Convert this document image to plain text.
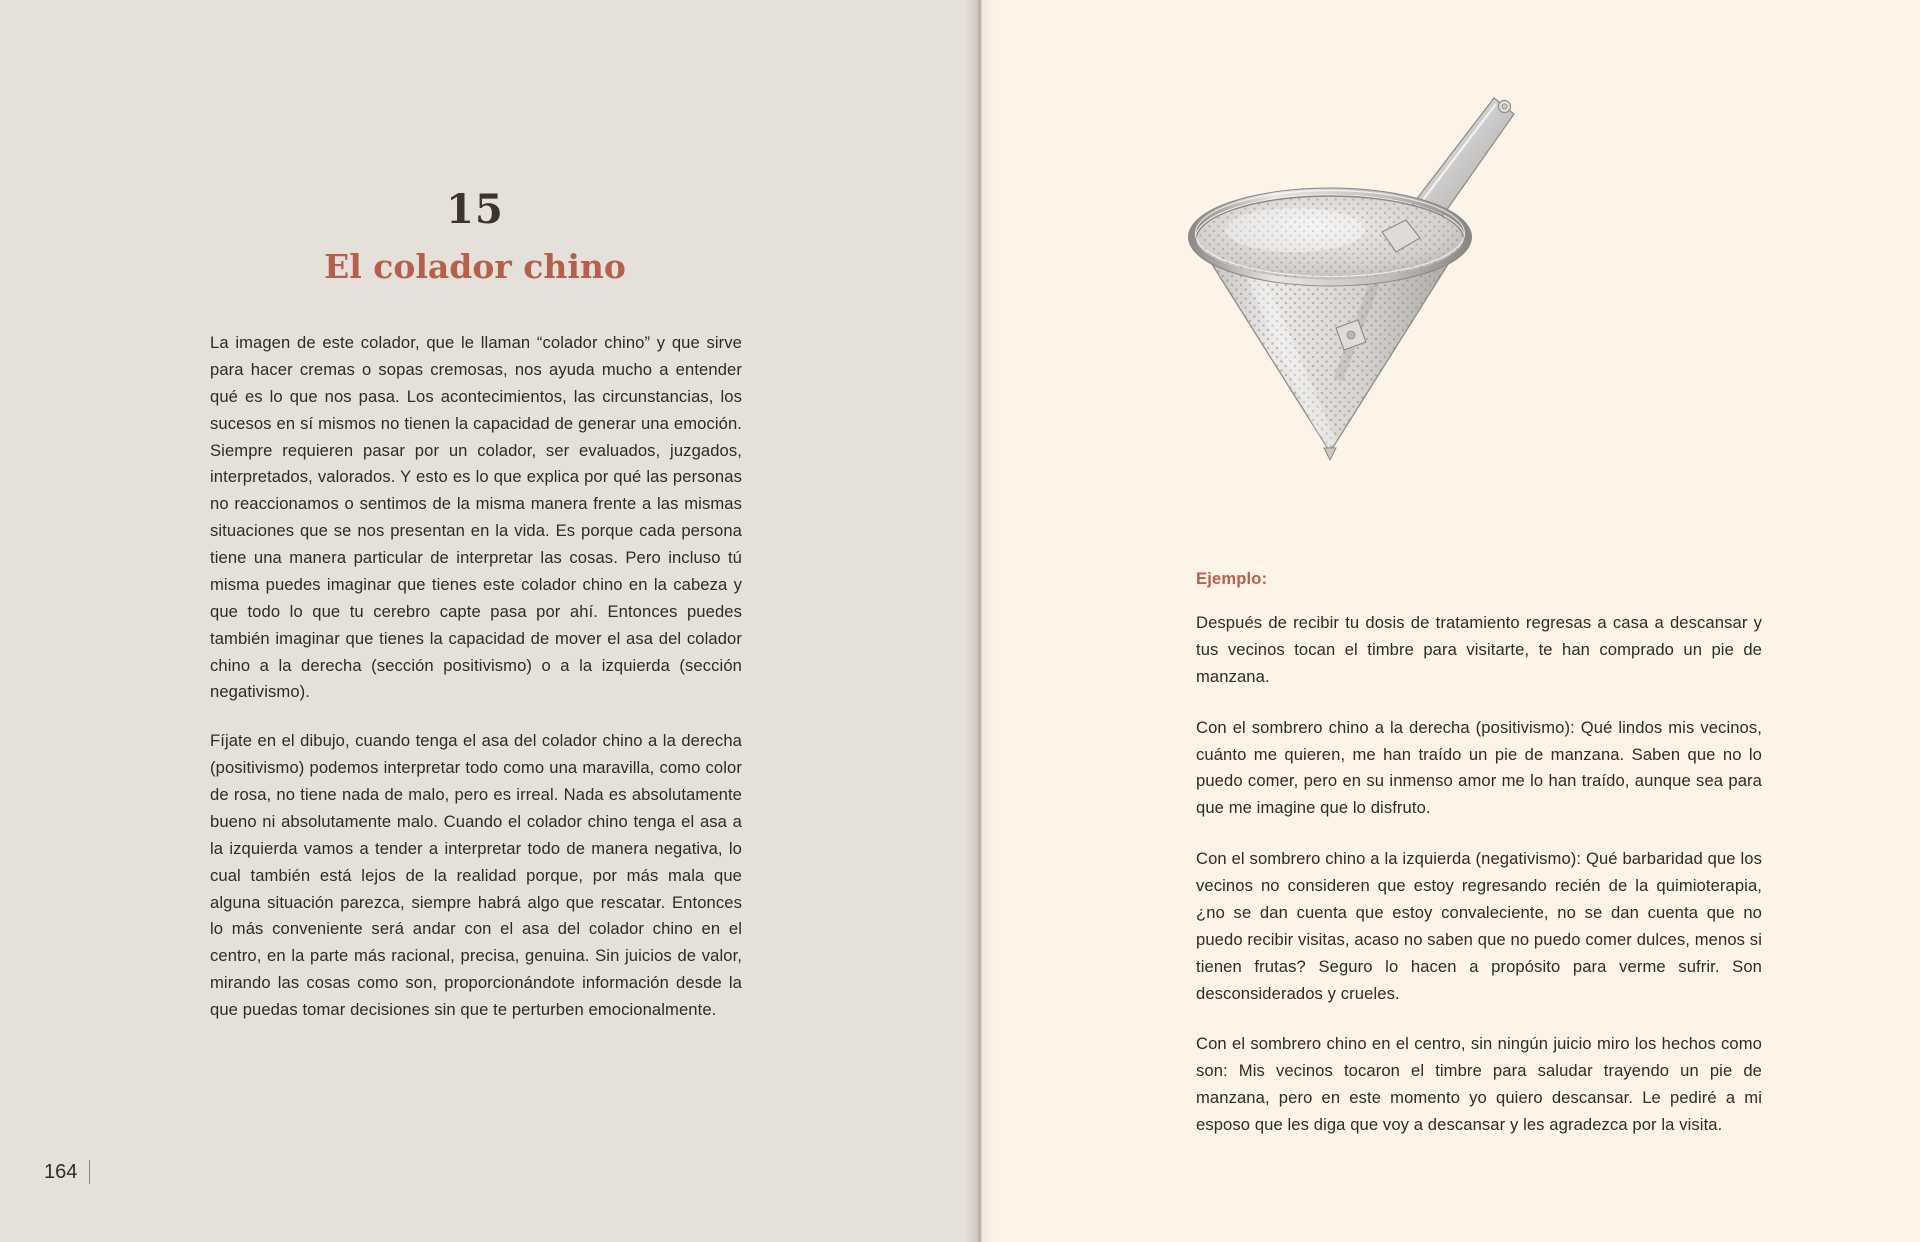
15
El colador chino

La imagen de este colador, que le llaman “colador chino” y que sirve para hacer cremas o sopas cremosas, nos ayuda mucho a entender qué es lo que nos pasa. Los acontecimientos, las circunstancias, los sucesos en sí mismos no tienen la capacidad de generar una emoción. Siempre requieren pasar por un colador, ser evaluados, juzgados, interpretados, valorados. Y esto es lo que explica por qué las personas no reaccionamos o sentimos de la misma manera frente a las mismas situaciones que se nos presentan en la vida. Es porque cada persona tiene una manera particular de interpretar las cosas. Pero incluso tú misma puedes imaginar que tienes este colador chino en la cabeza y que todo lo que tu cerebro capte pasa por ahí. Entonces puedes también imaginar que tienes la capacidad de mover el asa del colador chino a la derecha (sección positivismo) o a la izquierda (sección negativismo).

Fíjate en el dibujo, cuando tenga el asa del colador chino a la derecha (positivismo) podemos interpretar todo como una maravilla, como color de rosa, no tiene nada de malo, pero es irreal. Nada es absolutamente bueno ni absolutamente malo. Cuando el colador chino tenga el asa a la izquierda vamos a tender a interpretar todo de manera negativa, lo cual también está lejos de la realidad porque, por más mala que alguna situación parezca, siempre habrá algo que rescatar. Entonces lo más conveniente será andar con el asa del colador chino en el centro, en la parte más racional, precisa, genuina. Sin juicios de valor, mirando las cosas como son, proporcionándote información desde la que puedas tomar decisiones sin que te perturben emocionalmente.

164
Ejemplo:

Después de recibir tu dosis de tratamiento regresas a casa a descansar y tus vecinos tocan el timbre para visitarte, te han comprado un pie de manzana.

Con el sombrero chino a la derecha (positivismo): Qué lindos mis vecinos, cuánto me quieren, me han traído un pie de manzana. Saben que no lo puedo comer, pero en su inmenso amor me lo han traído, aunque sea para que me imagine que lo disfruto.

Con el sombrero chino a la izquierda (negativismo): Qué barbaridad que los vecinos no consideren que estoy regresando recién de la quimioterapia, ¿no se dan cuenta que estoy convaleciente, no se dan cuenta que no puedo recibir visitas, acaso no saben que no puedo comer dulces, menos si tienen frutas? Seguro lo hacen a propósito para verme sufrir. Son desconsiderados y crueles.

Con el sombrero chino en el centro, sin ningún juicio miro los hechos como son: Mis vecinos tocaron el timbre para saludar trayendo un pie de manzana, pero en este momento yo quiero descansar. Le pediré a mi esposo que les diga que voy a descansar y les agradezca por la visita.
